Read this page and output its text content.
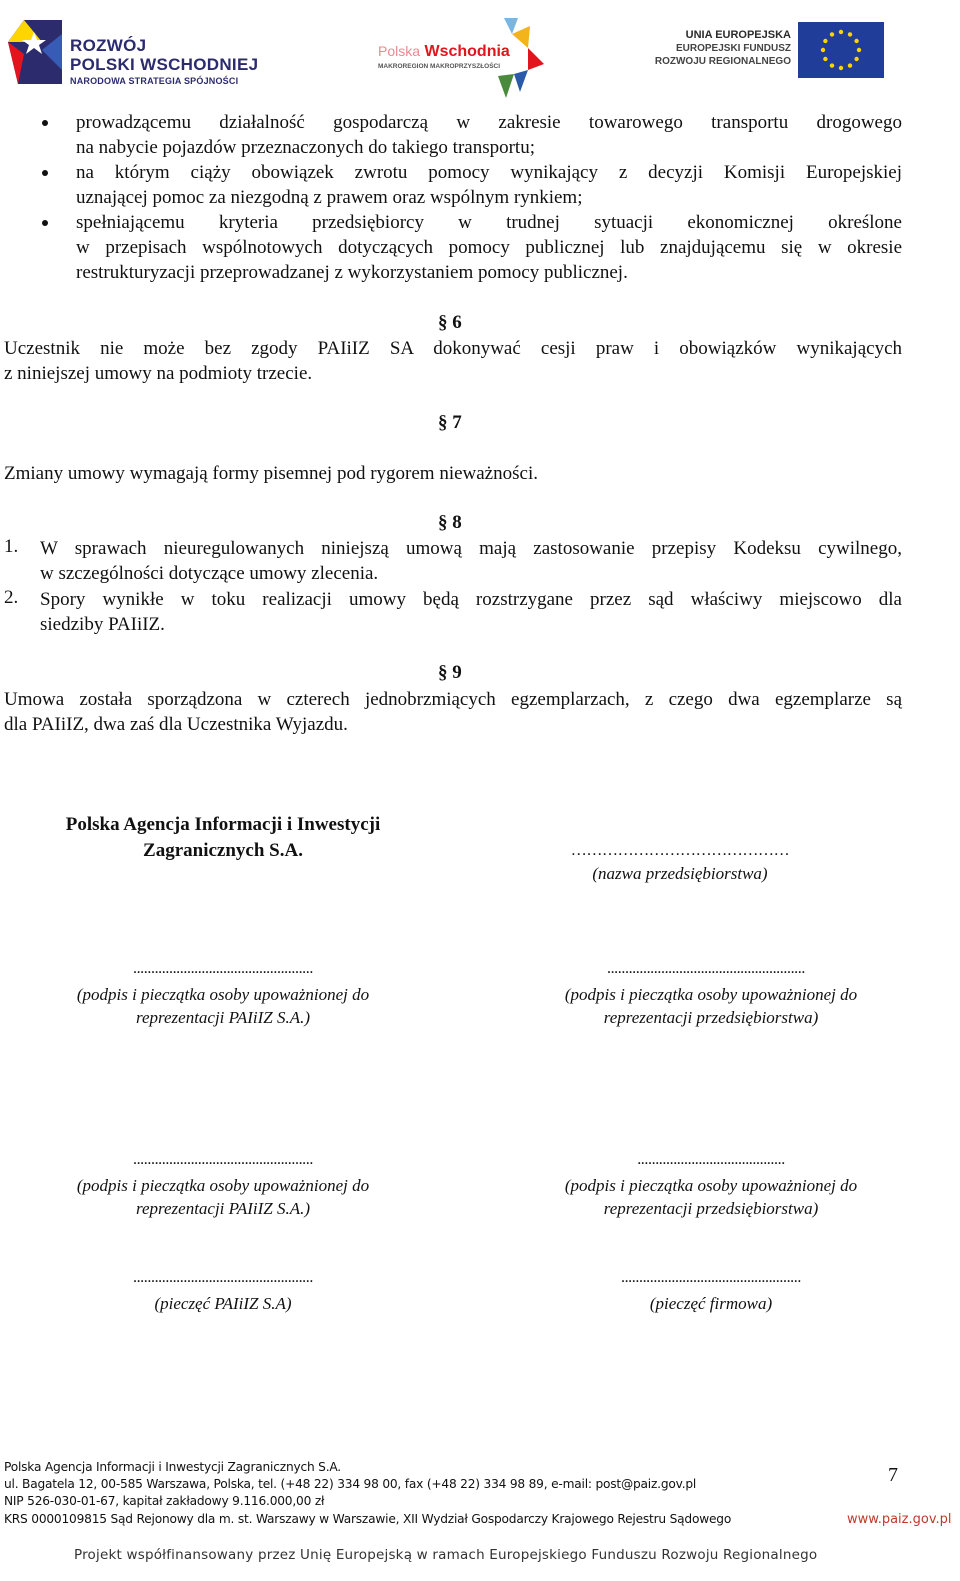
ROZWÓJ
POLSKI WSCHODNIEJ
NARODOWA STRATEGIA SPÓJNOŚCI
Polska Wschodnia
MAKROREGION MAKROPRZYSZŁOŚCI
UNIA EUROPEJSKA
EUROPEJSKI FUNDUSZ
ROZWOJU REGIONALNEGO
prowadzącemu działalność gospodarczą w zakresie towarowego transportu drogowego
na nabycie pojazdów przeznaczonych do takiego transportu;
na którym ciąży obowiązek zwrotu pomocy wynikający z decyzji Komisji Europejskiej
uznającej pomoc za niezgodną z prawem oraz wspólnym rynkiem;
spełniającemu kryteria przedsiębiorcy w trudnej sytuacji ekonomicznej określone
w przepisach wspólnotowych dotyczących pomocy publicznej lub znajdującemu się w okresie
restrukturyzacji przeprowadzanej z wykorzystaniem pomocy publicznej.
§ 6
Uczestnik nie może bez zgody PAIiIZ SA dokonywać cesji praw i obowiązków wynikających
z niniejszej umowy na podmioty trzecie.
§ 7
Zmiany umowy wymagają formy pisemnej pod rygorem nieważności.
§ 8
1. W sprawach nieuregulowanych niniejszą umową mają zastosowanie przepisy Kodeksu cywilnego,
w szczególności dotyczące umowy zlecenia.
2. Spory wynikłe w toku realizacji umowy będą rozstrzygane przez sąd właściwy miejscowo dla
siedziby PAIiIZ.
§ 9
Umowa została sporządzona w czterech jednobrzmiących egzemplarzach, z czego dwa egzemplarze są
dla PAIiIZ, dwa zaś dla Uczestnika Wyjazdu.
Polska Agencja Informacji i Inwestycji
Zagranicznych S.A.	……………………………………
(nazwa przedsiębiorstwa)
..................................................
(podpis i pieczątka osoby upoważnionej do
reprezentacji PAIiIZ S.A.)
.......................................................
(podpis i pieczątka osoby upoważnionej do
reprezentacji przedsiębiorstwa)
..................................................
(podpis i pieczątka osoby upoważnionej do
reprezentacji PAIiIZ S.A.)
.........................................
(podpis i pieczątka osoby upoważnionej do
reprezentacji przedsiębiorstwa)
..................................................
(pieczęć PAIiIZ S.A)
..................................................
(pieczęć firmowa)
Polska Agencja Informacji i Inwestycji Zagranicznych S.A.
ul. Bagatela 12, 00-585 Warszawa, Polska, tel. (+48 22) 334 98 00, fax (+48 22) 334 98 89, e-mail: post@paiz.gov.pl
NIP 526-030-01-67, kapitał zakładowy 9.116.000,00 zł
KRS 0000109815 Sąd Rejonowy dla m. st. Warszawy w Warszawie, XII Wydział Gospodarczy Krajowego Rejestru Sądowego
7
www.paiz.gov.pl
Projekt współfinansowany przez Unię Europejską w ramach Europejskiego Funduszu Rozwoju Regionalnego
